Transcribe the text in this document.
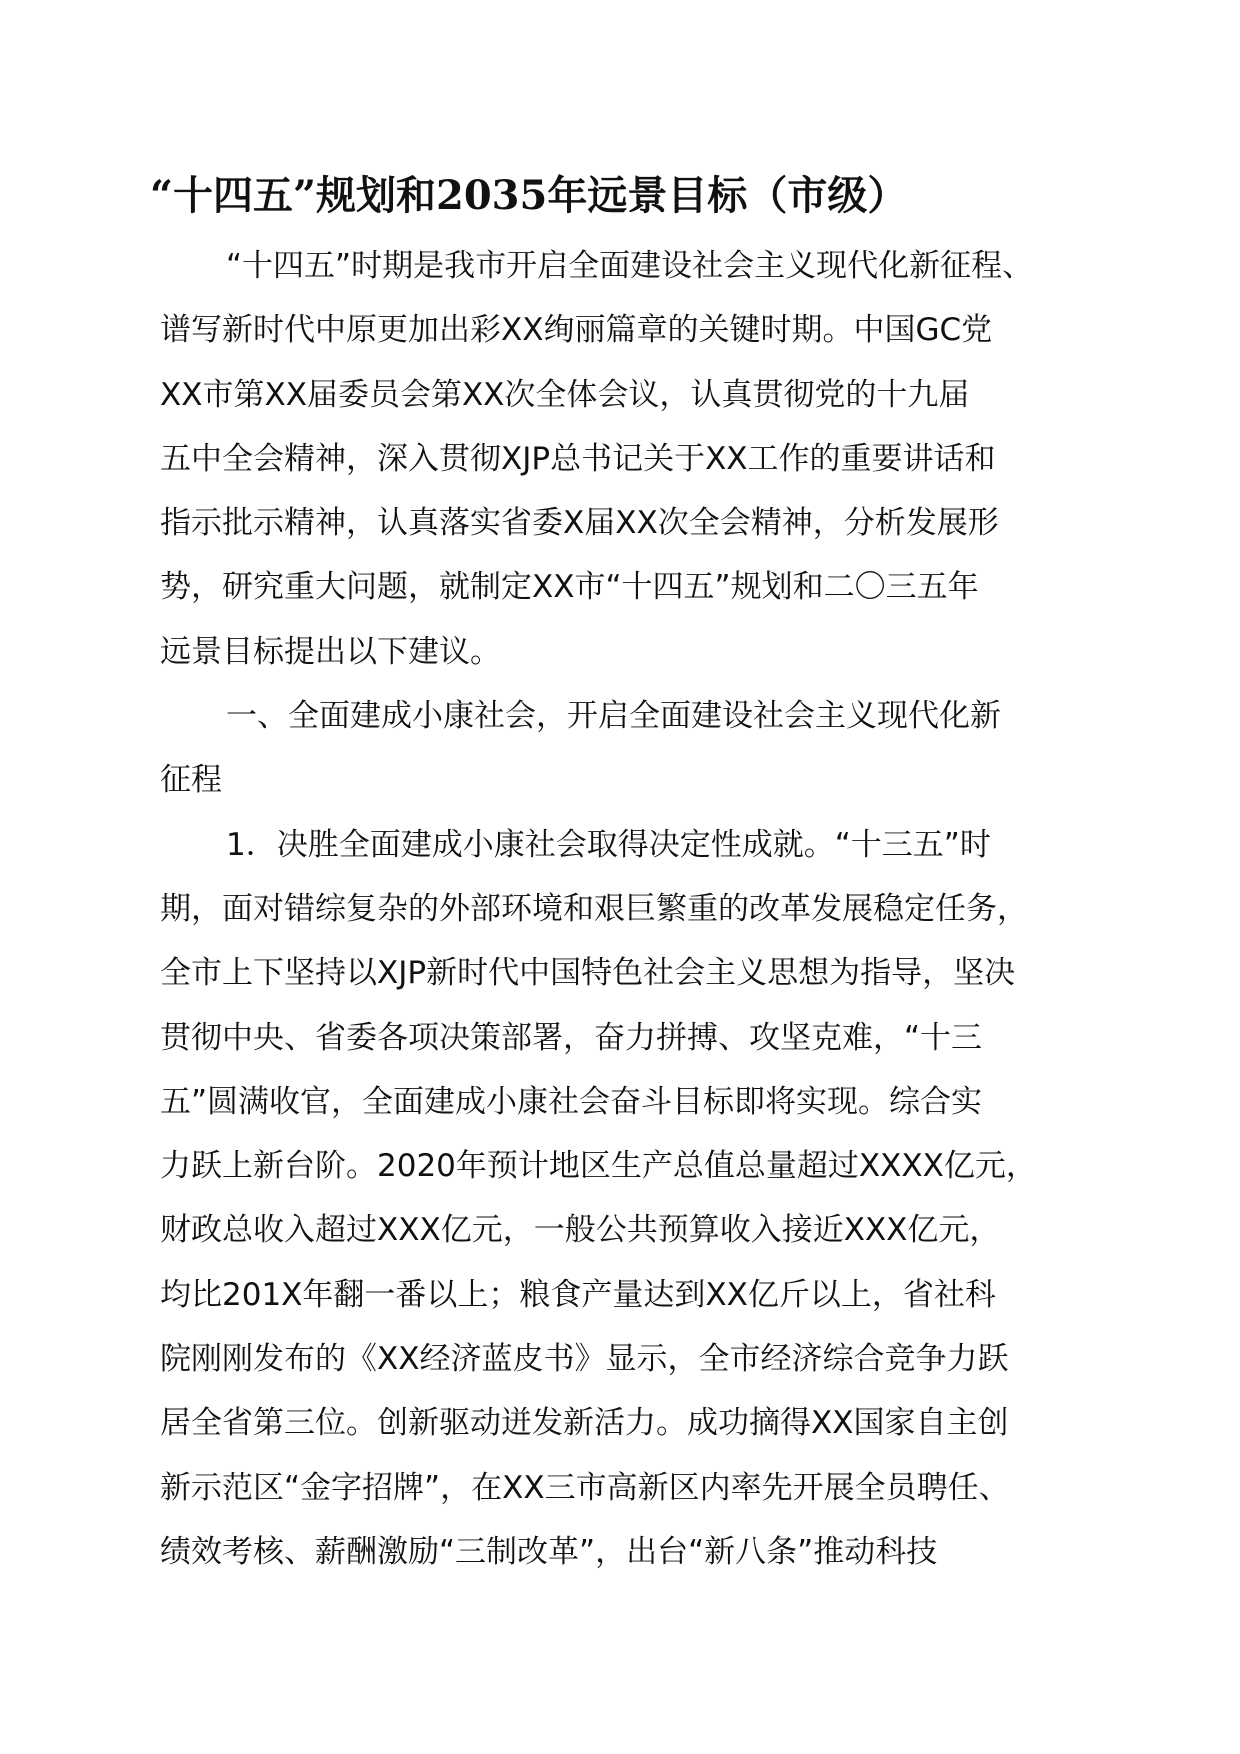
“十四五”规划和2035年远景目标（市级）
“十四五”时期是我市开启全面建设社会主义现代化新征程、
谱写新时代中原更加出彩XX绚丽篇章的关键时期。中国GC党
XX市第XX届委员会第XX次全体会议，认真贯彻党的十九届
五中全会精神，深入贯彻XJP总书记关于XX工作的重要讲话和
指示批示精神，认真落实省委X届XX次全会精神，分析发展形
势，研究重大问题，就制定XX市“十四五”规划和二〇三五年
远景目标提出以下建议。
一、全面建成小康社会，开启全面建设社会主义现代化新
征程
1．决胜全面建成小康社会取得决定性成就。“十三五”时
期，面对错综复杂的外部环境和艰巨繁重的改革发展稳定任务，
全市上下坚持以XJP新时代中国特色社会主义思想为指导，坚决
贯彻中央、省委各项决策部署，奋力拼搏、攻坚克难，“十三
五”圆满收官，全面建成小康社会奋斗目标即将实现。综合实
力跃上新台阶。2020年预计地区生产总值总量超过XXXX亿元，
财政总收入超过XXX亿元，一般公共预算收入接近XXX亿元，
均比201X年翻一番以上；粮食产量达到XX亿斤以上，省社科
院刚刚发布的《XX经济蓝皮书》显示，全市经济综合竞争力跃
居全省第三位。创新驱动迸发新活力。成功摘得XX国家自主创
新示范区“金字招牌”，在XX三市高新区内率先开展全员聘任、
绩效考核、薪酬激励“三制改革”，出台“新八条”推动科技
